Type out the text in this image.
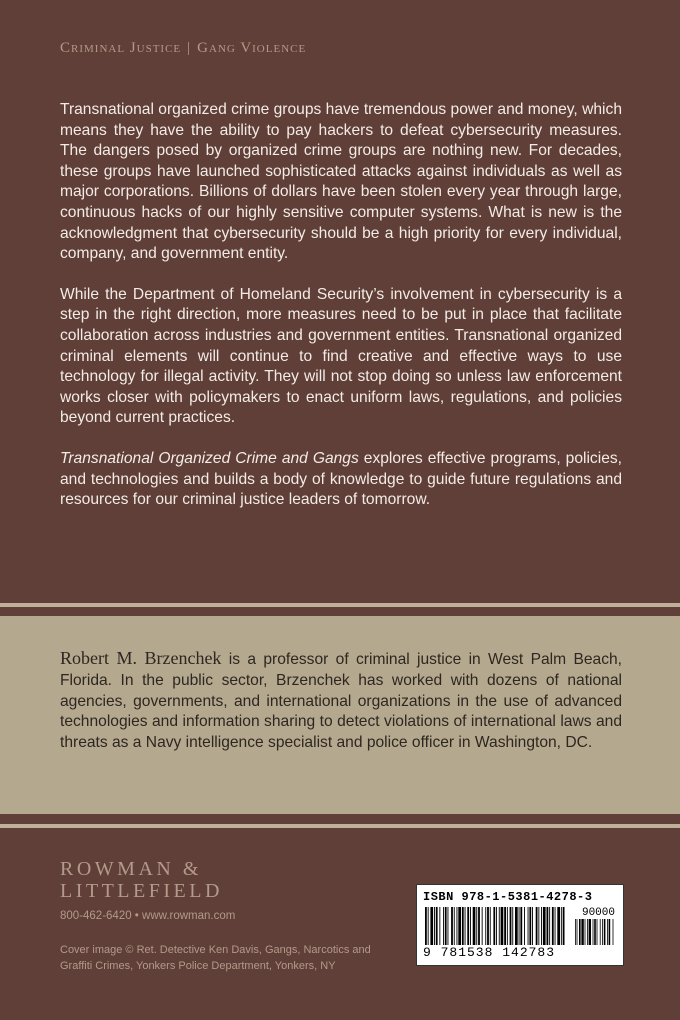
Criminal Justice | Gang Violence

Transnational organized crime groups have tremendous power and money, which means they have the ability to pay hackers to defeat cybersecurity measures. The dangers posed by organized crime groups are nothing new. For decades, these groups have launched sophisticated attacks against individuals as well as major corporations. Billions of dollars have been stolen every year through large, continuous hacks of our highly sensitive computer systems. What is new is the acknowledgment that cybersecurity should be a high priority for every individual, company, and government entity.

While the Department of Homeland Security’s involvement in cybersecurity is a step in the right direction, more measures need to be put in place that facilitate collaboration across industries and government entities. Transnational organized criminal elements will continue to find creative and effective ways to use technology for illegal activity. They will not stop doing so unless law enforcement works closer with policymakers to enact uniform laws, regulations, and policies beyond current practices.

Transnational Organized Crime and Gangs explores effective programs, policies, and technologies and builds a body of knowledge to guide future regulations and resources for our criminal justice leaders of tomorrow.

Robert M. Brzenchek is a professor of criminal justice in West Palm Beach, Florida. In the public sector, Brzenchek has worked with dozens of national agencies, governments, and international organizations in the use of advanced technologies and information sharing to detect violations of international laws and threats as a Navy intelligence specialist and police officer in Washington, DC.
ROWMAN &
LITTLEFIELD
800-462-6420 • www.rowman.com
Cover image © Ret. Detective Ken Davis, Gangs, Narcotics and Graffiti Crimes, Yonkers Police Department, Yonkers, NY
ISBN 978-1-5381-4278-3
90000
9 781538 142783
